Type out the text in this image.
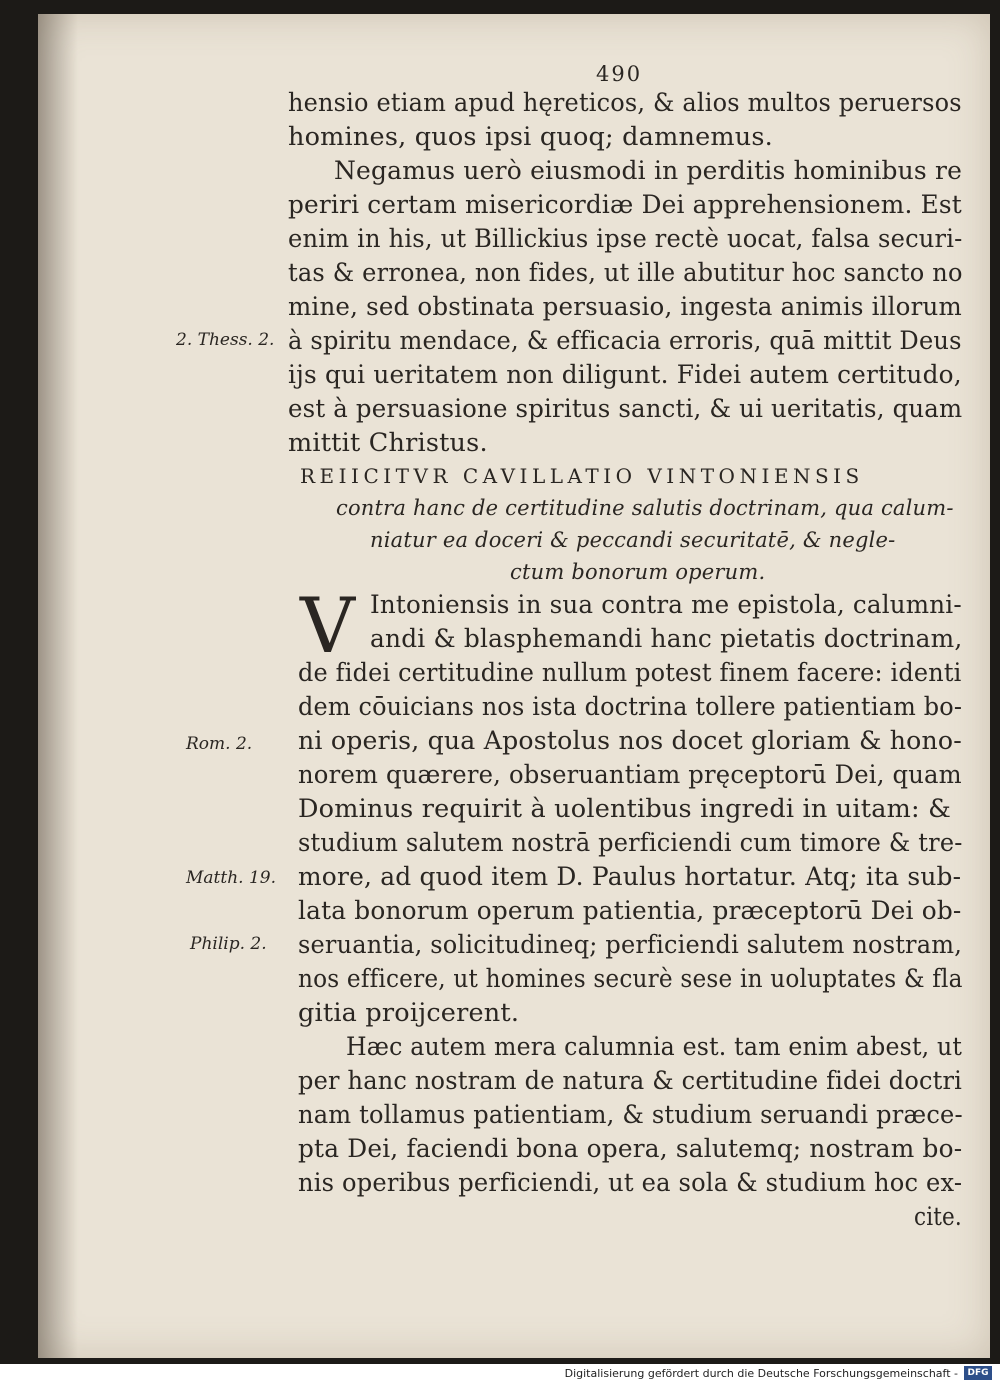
490
hensio etiam apud hęreticos, & alios multos peruersos
homines, quos ipsi quoq; damnemus.
Negamus uerò eiusmodi in perditis hominibus re
periri certam misericordiæ Dei apprehensionem. Est
enim in his, ut Billickius ipse rectè uocat, falsa securi-
tas & erronea, non fides, ut ille abutitur hoc sancto no
mine, sed obstinata persuasio, ingesta animis illorum
à spiritu mendace, & efficacia erroris, quā mittit Deus
ijs qui ueritatem non diligunt. Fidei autem certitudo,
est à persuasione spiritus sancti, & ui ueritatis, quam
mittit Christus.
REIICITVR CAVILLATIO VINTONIENSIS
contra hanc de certitudine salutis doctrinam, qua calum-
niatur ea doceri & peccandi securitatē, & negle-
ctum bonorum operum.
V Intoniensis in sua contra me epistola, calumni-
andi & blasphemandi hanc pietatis doctrinam,
de fidei certitudine nullum potest finem facere: identi
dem cōuicians nos ista doctrina tollere patientiam bo-
ni operis, qua Apostolus nos docet gloriam & hono-
norem quærere, obseruantiam pręceptorū Dei, quam
Dominus requirit à uolentibus ingredi in uitam: &
studium salutem nostrā perficiendi cum timore & tre-
more, ad quod item D. Paulus hortatur. Atq; ita sub-
lata bonorum operum patientia, præceptorū Dei ob-
seruantia, solicitudineq; perficiendi salutem nostram,
nos efficere, ut homines securè sese in uoluptates & fla
gitia proijcerent.
Hæc autem mera calumnia est. tam enim abest, ut
per hanc nostram de natura & certitudine fidei doctri
nam tollamus patientiam, & studium seruandi præce-
pta Dei, faciendi bona opera, salutemq; nostram bo-
nis operibus perficiendi, ut ea sola & studium hoc ex-
cite.
2. Thess. 2.
Rom. 2.
Matth. 19.
Philip. 2.
Digitalisierung gefördert durch die Deutsche Forschungsgemeinschaft -	DFG
